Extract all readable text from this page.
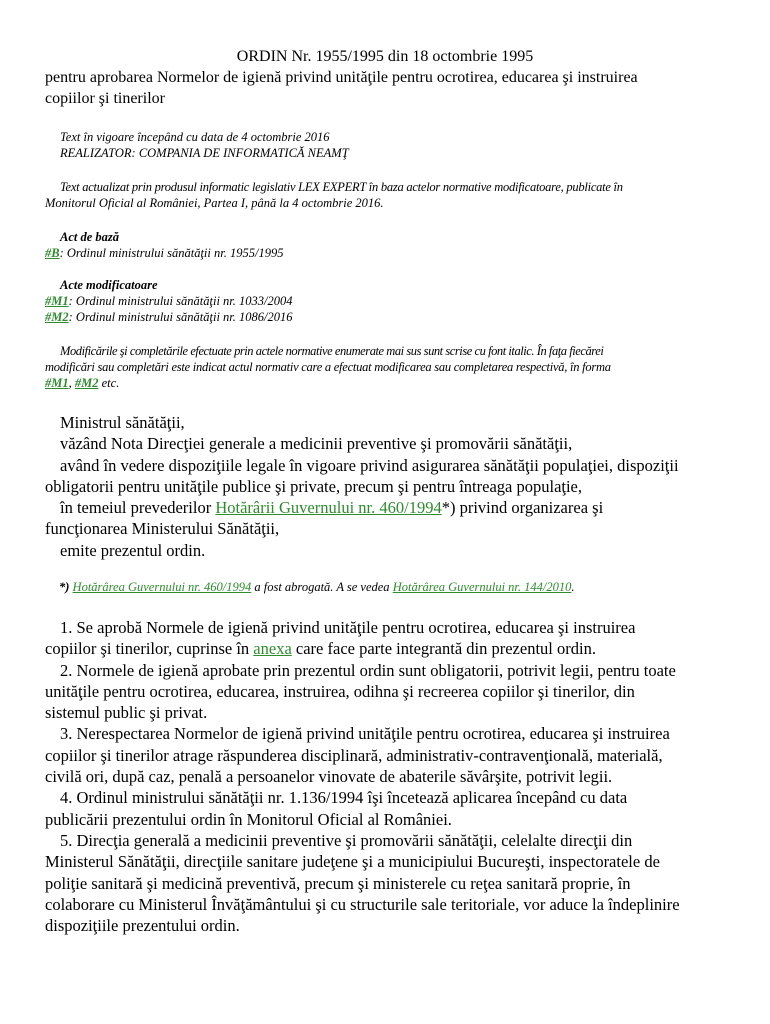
ORDIN Nr. 1955/1995 din 18 octombrie 1995
pentru aprobarea Normelor de igienă privind unităţile pentru ocrotirea, educarea şi instruirea
copiilor şi tinerilor
Text în vigoare începând cu data de 4 octombrie 2016
REALIZATOR: COMPANIA DE INFORMATICĂ NEAMŢ
Text actualizat prin produsul informatic legislativ LEX EXPERT în baza actelor normative modificatoare, publicate în
Monitorul Oficial al României, Partea I, până la 4 octombrie 2016.
Act de bază
#B: Ordinul ministrului sănătăţii nr. 1955/1995
Acte modificatoare
#M1: Ordinul ministrului sănătăţii nr. 1033/2004
#M2: Ordinul ministrului sănătăţii nr. 1086/2016
Modificările şi completările efectuate prin actele normative enumerate mai sus sunt scrise cu font italic. În faţa fiecărei
modificări sau completări este indicat actul normativ care a efectuat modificarea sau completarea respectivă, în forma
#M1, #M2 etc.
Ministrul sănătăţii,
văzând Nota Direcţiei generale a medicinii preventive şi promovării sănătăţii,
având în vedere dispoziţiile legale în vigoare privind asigurarea sănătăţii populaţiei, dispoziţii
obligatorii pentru unităţile publice şi private, precum şi pentru întreaga populaţie,
în temeiul prevederilor Hotărârii Guvernului nr. 460/1994*) privind organizarea şi
funcţionarea Ministerului Sănătăţii,
emite prezentul ordin.
*) Hotărârea Guvernului nr. 460/1994 a fost abrogată. A se vedea Hotărârea Guvernului nr. 144/2010.
1. Se aprobă Normele de igienă privind unităţile pentru ocrotirea, educarea şi instruirea
copiilor şi tinerilor, cuprinse în anexa care face parte integrantă din prezentul ordin.
2. Normele de igienă aprobate prin prezentul ordin sunt obligatorii, potrivit legii, pentru toate
unităţile pentru ocrotirea, educarea, instruirea, odihna şi recreerea copiilor şi tinerilor, din
sistemul public şi privat.
3. Nerespectarea Normelor de igienă privind unităţile pentru ocrotirea, educarea şi instruirea
copiilor şi tinerilor atrage răspunderea disciplinară, administrativ-contravenţională, materială,
civilă ori, după caz, penală a persoanelor vinovate de abaterile săvârşite, potrivit legii.
4. Ordinul ministrului sănătăţii nr. 1.136/1994 îşi încetează aplicarea începând cu data
publicării prezentului ordin în Monitorul Oficial al României.
5. Direcţia generală a medicinii preventive şi promovării sănătăţii, celelalte direcţii din
Ministerul Sănătăţii, direcţiile sanitare judeţene şi a municipiului Bucureşti, inspectoratele de
poliţie sanitară şi medicină preventivă, precum şi ministerele cu reţea sanitară proprie, în
colaborare cu Ministerul Învăţământului şi cu structurile sale teritoriale, vor aduce la îndeplinire
dispoziţiile prezentului ordin.
